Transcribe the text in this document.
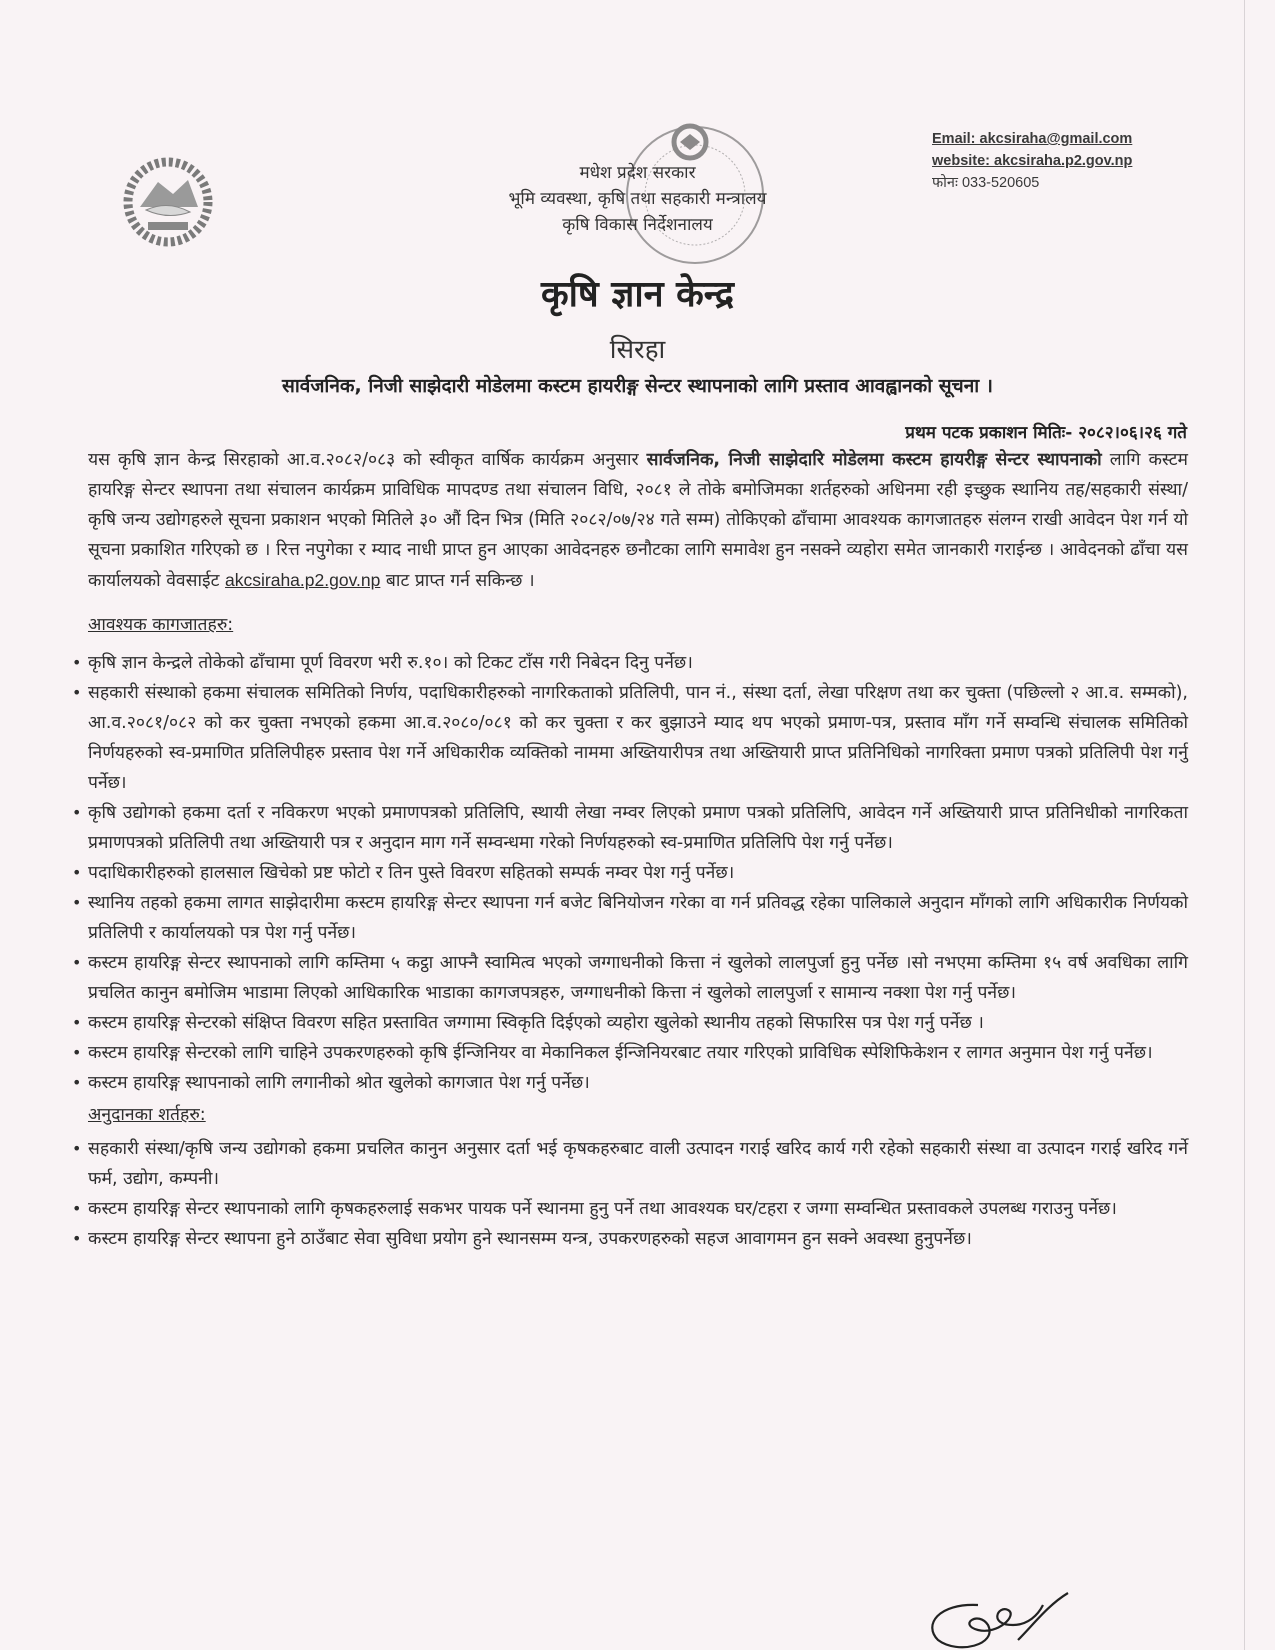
Email: akcsiraha@gmail.com
website: akcsiraha.p2.gov.np
फोनः 033-520605
मधेश प्रदेश सरकार
भूमि व्यवस्था, कृषि तथा सहकारी मन्त्रालय
कृषि विकास निर्देशनालय
कृषि ज्ञान केन्द्र
सिरहा
सार्वजनिक, निजी साझेदारी मोडेलमा कस्टम हायरीङ्ग सेन्टर स्थापनाको लागि प्रस्ताव आवह्वानको सूचना ।
प्रथम पटक प्रकाशन मितिः- २०८२।०६।२६ गते
यस कृषि ज्ञान केन्द्र सिरहाको आ.व.२०८२/०८३ को स्वीकृत वार्षिक कार्यक्रम अनुसार सार्वजनिक, निजी साझेदारि मोडेलमा कस्टम हायरीङ्ग सेन्टर स्थापनाको लागि कस्टम हायरिङ्ग सेन्टर स्थापना तथा संचालन कार्यक्रम प्राविधिक मापदण्ड तथा संचालन विधि, २०८१ ले तोके बमोजिमका शर्तहरुको अधिनमा रही इच्छुक स्थानिय तह/सहकारी संस्था/कृषि जन्य उद्योगहरुले सूचना प्रकाशन भएको मितिले ३० औं दिन भित्र (मिति २०८२/०७/२४ गते सम्म) तोकिएको ढाँचामा आवश्यक कागजातहरु संलग्न राखी आवेदन पेश गर्न यो सूचना प्रकाशित गरिएको छ । रित्त नपुगेका र म्याद नाधी प्राप्त हुन आएका आवेदनहरु छनौटका लागि समावेश हुन नसक्ने व्यहोरा समेत जानकारी गराईन्छ । आवेदनको ढाँचा यस कार्यालयको वेवसाईट akcsiraha.p2.gov.np बाट प्राप्त गर्न सकिन्छ ।
आवश्यक कागजातहरु:
• कृषि ज्ञान केन्द्रले तोकेको ढाँचामा पूर्ण विवरण भरी रु.१०। को टिकट टाँस गरी निबेदन दिनु पर्नेछ।
• सहकारी संस्थाको हकमा संचालक समितिको निर्णय, पदाधिकारीहरुको नागरिकताको प्रतिलिपी, पान नं., संस्था दर्ता, लेखा परिक्षण तथा कर चुक्ता (पछिल्लो २ आ.व. सम्मको), आ.व.२०८१/०८२ को कर चुक्ता नभएको हकमा आ.व.२०८०/०८१ को कर चुक्ता र कर बुझाउने म्याद थप भएको प्रमाण-पत्र, प्रस्ताव माँग गर्ने सम्वन्धि संचालक समितिको निर्णयहरुको स्व-प्रमाणित प्रतिलिपीहरु प्रस्ताव पेश गर्ने अधिकारीक व्यक्तिको नाममा अख्तियारीपत्र तथा अख्तियारी प्राप्त प्रतिनिधिको नागरिक्ता प्रमाण पत्रको प्रतिलिपी पेश गर्नु पर्नेछ।
• कृषि उद्योगको हकमा दर्ता र नविकरण भएको प्रमाणपत्रको प्रतिलिपि, स्थायी लेखा नम्वर लिएको प्रमाण पत्रको प्रतिलिपि, आवेदन गर्ने अख्तियारी प्राप्त प्रतिनिधीको नागरिकता प्रमाणपत्रको प्रतिलिपी तथा अख्तियारी पत्र र अनुदान माग गर्ने सम्वन्धमा गरेको निर्णयहरुको स्व-प्रमाणित प्रतिलिपि पेश गर्नु पर्नेछ।
• पदाधिकारीहरुको हालसाल खिचेको प्रष्ट फोटो र तिन पुस्ते विवरण सहितको सम्पर्क नम्वर पेश गर्नु पर्नेछ।
• स्थानिय तहको हकमा लागत साझेदारीमा कस्टम हायरिङ्ग सेन्टर स्थापना गर्न बजेट बिनियोजन गरेका वा गर्न प्रतिवद्ध रहेका पालिकाले अनुदान माँगको लागि अधिकारीक निर्णयको प्रतिलिपी र कार्यालयको पत्र पेश गर्नु पर्नेछ।
• कस्टम हायरिङ्ग सेन्टर स्थापनाको लागि कम्तिमा ५ कट्ठा आफ्नै स्वामित्व भएको जग्गाधनीको कित्ता नं खुलेको लालपुर्जा हुनु पर्नेछ ।सो नभएमा कम्तिमा १५ वर्ष अवधिका लागि प्रचलित कानुन बमोजिम भाडामा लिएको आधिकारिक भाडाका कागजपत्रहरु, जग्गाधनीको कित्ता नं खुलेको लालपुर्जा र सामान्य नक्शा पेश गर्नु पर्नेछ।
• कस्टम हायरिङ्ग सेन्टरको संक्षिप्त विवरण सहित प्रस्तावित जग्गामा स्विकृति दिईएको व्यहोरा खुलेको स्थानीय तहको सिफारिस पत्र पेश गर्नु पर्नेछ ।
• कस्टम हायरिङ्ग सेन्टरको लागि चाहिने उपकरणहरुको कृषि ईन्जिनियर वा मेकानिकल ईन्जिनियरबाट तयार गरिएको प्राविधिक स्पेशिफिकेशन र लागत अनुमान पेश गर्नु पर्नेछ।
• कस्टम हायरिङ्ग स्थापनाको लागि लगानीको श्रोत खुलेको कागजात पेश गर्नु पर्नेछ।
अनुदानका शर्तहरु:
• सहकारी संस्था/कृषि जन्य उद्योगको हकमा प्रचलित कानुन अनुसार दर्ता भई कृषकहरुबाट वाली उत्पादन गराई खरिद कार्य गरी रहेको सहकारी संस्था वा उत्पादन गराई खरिद गर्ने फर्म, उद्योग, कम्पनी।
• कस्टम हायरिङ्ग सेन्टर स्थापनाको लागि कृषकहरुलाई सकभर पायक पर्ने स्थानमा हुनु पर्ने तथा आवश्यक घर/टहरा र जग्गा सम्वन्धित प्रस्तावकले उपलब्ध गराउनु पर्नेछ।
• कस्टम हायरिङ्ग सेन्टर स्थापना हुने ठाउँबाट सेवा सुविधा प्रयोग हुने स्थानसम्म यन्त्र, उपकरणहरुको सहज आवागमन हुन सक्ने अवस्था हुनुपर्नेछ।
